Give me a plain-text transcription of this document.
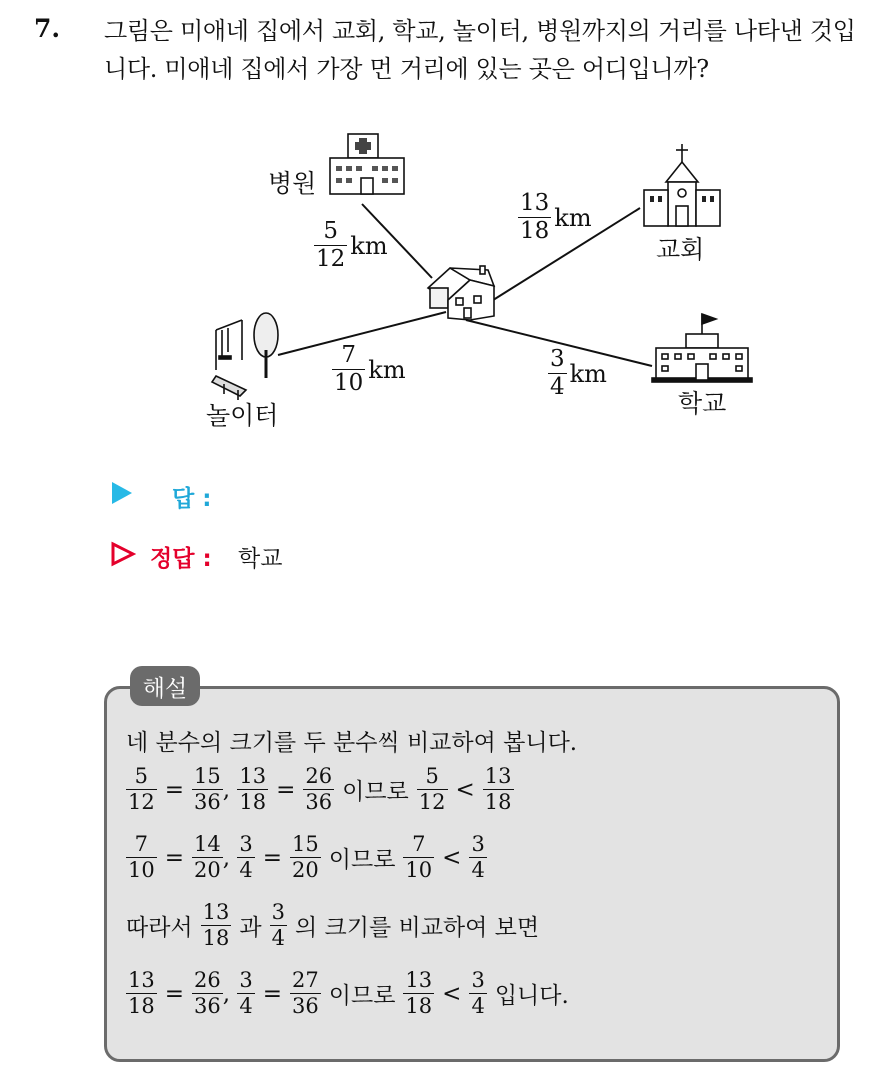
7. 그림은 미애네 집에서 교회, 학교, 놀이터, 병원까지의 거리를 나타낸 것입니다. 미애네 집에서 가장 먼 거리에 있는 곳은 어디입니까?
병원
교회
놀이터	학교
$\frac{5}{12}$ km
$\frac{13}{18}$ km
$\frac{7}{10}$ km	$\frac{3}{4}$ km
답 :
정답 : 학교
해설
네 분수의 크기를 두 분수씩 비교하여 봅니다.
$\frac{5}{12} = \frac{15}{36}$ , $\frac{13}{18} = \frac{26}{36}$ 이므로 $\frac{5}{12} < \frac{13}{18}$
$\frac{7}{10} = \frac{14}{20}$ , $\frac{3}{4} = \frac{15}{20}$ 이므로 $\frac{7}{10} < \frac{3}{4}$
따라서 $\frac{13}{18}$ 과 $\frac{3}{4}$ 의 크기를 비교하여 보면
$\frac{13}{18} = \frac{26}{36}$ , $\frac{3}{4} = \frac{27}{36}$ 이므로 $\frac{13}{18} < \frac{3}{4}$ 입니다.
